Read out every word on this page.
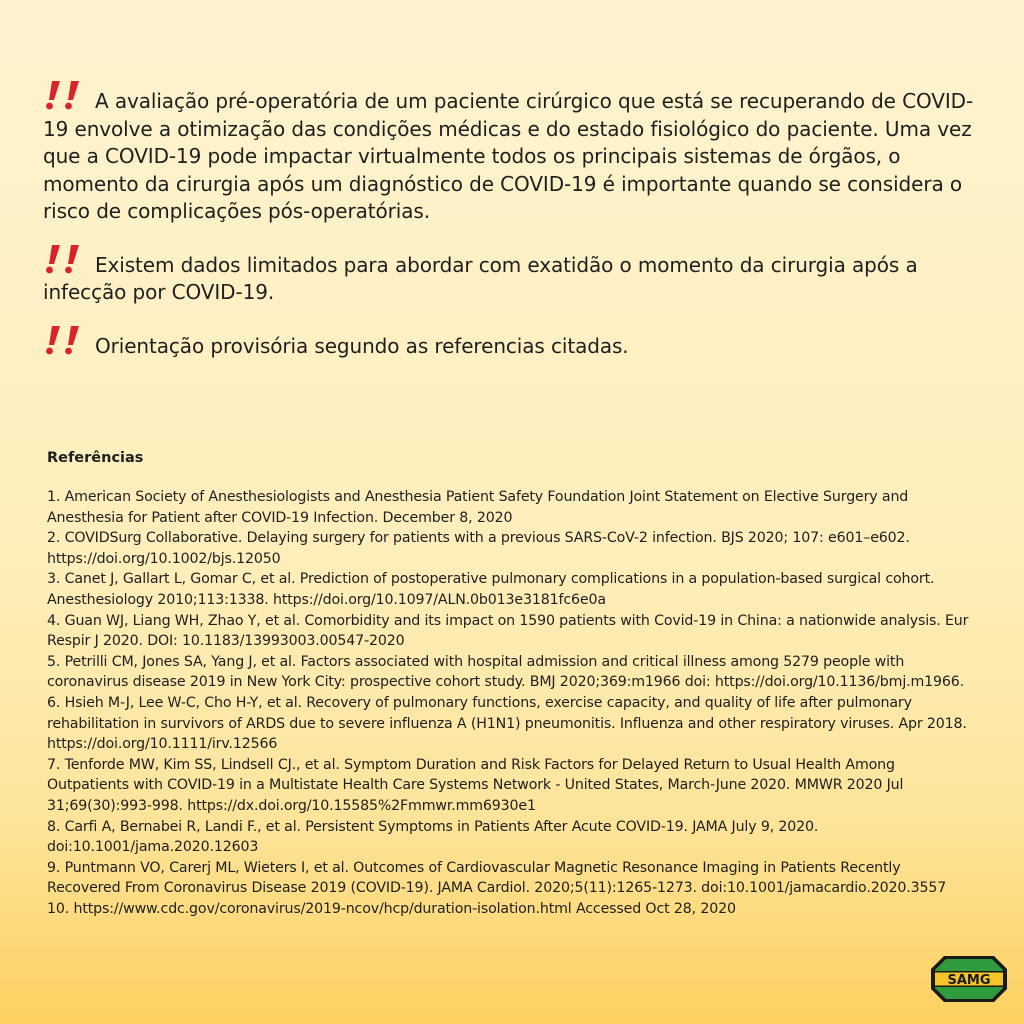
A avaliação pré-operatória de um paciente cirúrgico que está se recuperando de COVID-19 envolve a otimização das condições médicas e do estado fisiológico do paciente. Uma vez que a COVID-19 pode impactar virtualmente todos os principais sistemas de órgãos, o momento da cirurgia após um diagnóstico de COVID-19 é importante quando se considera o risco de complicações pós-operatórias.
Existem dados limitados para abordar com exatidão o momento da cirurgia após a infecção por COVID-19.
Orientação provisória segundo as referencias citadas.
Referências

1. American Society of Anesthesiologists and Anesthesia Patient Safety Foundation Joint Statement on Elective Surgery and Anesthesia for Patient after COVID-19 Infection. December 8, 2020

2. COVIDSurg Collaborative. Delaying surgery for patients with a previous SARS-CoV-2 infection. BJS 2020; 107: e601–e602. https://doi.org/10.1002/bjs.12050

3. Canet J, Gallart L, Gomar C, et al. Prediction of postoperative pulmonary complications in a population-based surgical cohort. Anesthesiology 2010;113:1338. https://doi.org/10.1097/ALN.0b013e3181fc6e0a

4. Guan WJ, Liang WH, Zhao Y, et al. Comorbidity and its impact on 1590 patients with Covid-19 in China: a nationwide analysis. Eur Respir J 2020. DOI: 10.1183/13993003.00547-2020

5. Petrilli CM, Jones SA, Yang J, et al. Factors associated with hospital admission and critical illness among 5279 people with coronavirus disease 2019 in New York City: prospective cohort study. BMJ 2020;369:m1966 doi: https://doi.org/10.1136/bmj.m1966.

6. Hsieh M-J, Lee W-C, Cho H-Y, et al. Recovery of pulmonary functions, exercise capacity, and quality of life after pulmonary rehabilitation in survivors of ARDS due to severe influenza A (H1N1) pneumonitis. Influenza and other respiratory viruses. Apr 2018. https://doi.org/10.1111/irv.12566

7. Tenforde MW, Kim SS, Lindsell CJ., et al. Symptom Duration and Risk Factors for Delayed Return to Usual Health Among Outpatients with COVID-19 in a Multistate Health Care Systems Network - United States, March-June 2020. MMWR 2020 Jul 31;69(30):993-998. https://dx.doi.org/10.15585%2Fmmwr.mm6930e1

8. Carfi A, Bernabei R, Landi F., et al. Persistent Symptoms in Patients After Acute COVID-19. JAMA July 9, 2020. doi:10.1001/jama.2020.12603

9. Puntmann VO, Carerj ML, Wieters I, et al. Outcomes of Cardiovascular Magnetic Resonance Imaging in Patients Recently Recovered From Coronavirus Disease 2019 (COVID-19). JAMA Cardiol. 2020;5(11):1265-1273. doi:10.1001/jamacardio.2020.3557

10. https://www.cdc.gov/coronavirus/2019-ncov/hcp/duration-isolation.html Accessed Oct 28, 2020

SAMG
